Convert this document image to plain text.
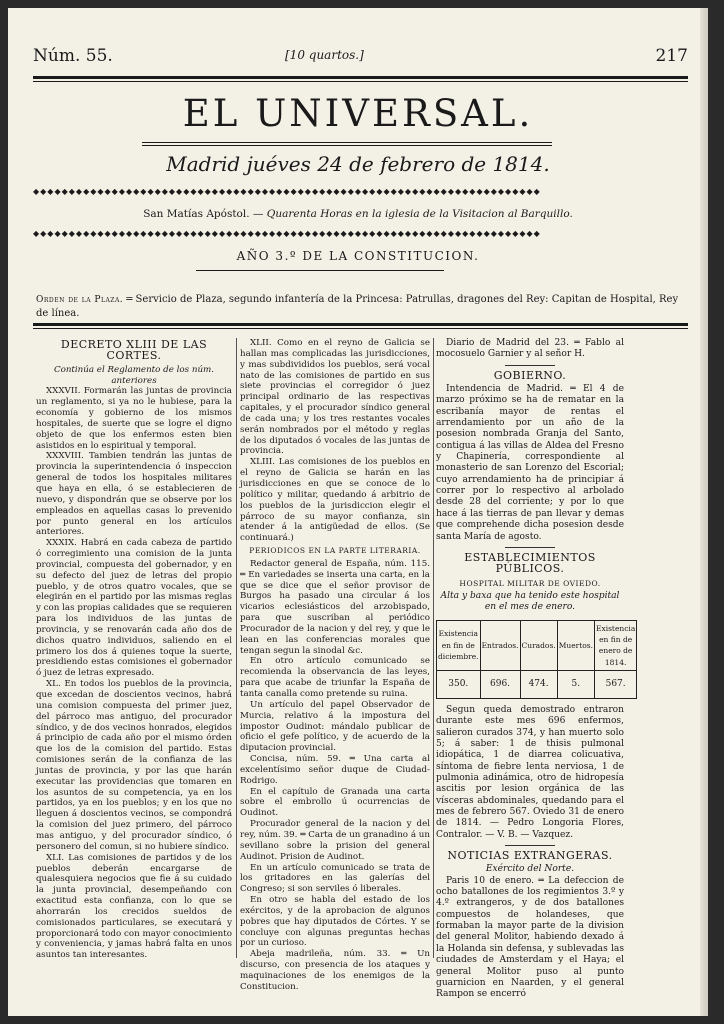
Núm. 55.	[10 quartos.]	217
EL UNIVERSAL.
Madrid juéves 24 de febrero de 1814.
◆◆◆◆◆◆◆◆◆◆◆◆◆◆◆◆◆◆◆◆◆◆◆◆◆◆◆◆◆◆◆◆◆◆◆◆◆◆◆◆◆◆◆◆◆◆◆◆◆◆◆◆◆◆◆◆◆◆◆◆◆◆◆◆◆◆◆◆◆◆◆
San Matías Apóstol. — Quarenta Horas en la iglesia de la Visitacion al Barquillo.
◆◆◆◆◆◆◆◆◆◆◆◆◆◆◆◆◆◆◆◆◆◆◆◆◆◆◆◆◆◆◆◆◆◆◆◆◆◆◆◆◆◆◆◆◆◆◆◆◆◆◆◆◆◆◆◆◆◆◆◆◆◆◆◆◆◆◆◆◆◆◆
AÑO 3.º DE LA CONSTITUCION.
Orden de la Plaza. ═ Servicio de Plaza, segundo infantería de la Princesa: Patrullas, dragones del Rey: Capitan de Hospital, Rey de línea.

DECRETO XLIII DE LAS CORTES.

Continúa el Reglamento de los núm. anteriores

XXXVII. Formarán las juntas de provincia un reglamento, si ya no le hubiese, para la economía y gobierno de los mismos hospitales, de suerte que se logre el digno objeto de que los enfermos esten bien asistidos en lo espiritual y temporal.

XXXVIII. Tambien tendrán las juntas de provincia la superintendencia ó inspeccion general de todos los hospitales militares que haya en ella, ó se establecieren de nuevo, y dispondrán que se observe por los empleados en aquellas casas lo prevenido por punto general en los artículos anteriores.

XXXIX. Habrá en cada cabeza de partido ó corregimiento una comision de la junta provincial, compuesta del gobernador, y en su defecto del juez de letras del propio pueblo, y de otros quatro vocales, que se elegirán en el partido por las mismas reglas y con las propias calidades que se requieren para los individuos de las juntas de provincia, y se renovarán cada año dos de dichos quatro individuos, saliendo en el primero los dos á quienes toque la suerte, presidiendo estas comisiones el gobernador ó juez de letras expresado.

XL. En todos los pueblos de la provincia, que excedan de doscientos vecinos, habrá una comision compuesta del primer juez, del párroco mas antiguo, del procurador síndico, y de dos vecinos honrados, elegidos á principio de cada año por el mismo órden que los de la comision del partido. Estas comisiones serán de la confianza de las juntas de provincia, y por las que harán executar las providencias que tomaren en los asuntos de su competencia, ya en los partidos, ya en los pueblos; y en los que no lleguen á doscientos vecinos, se compondrá la comision del juez primero, del párroco mas antiguo, y del procurador síndico, ó personero del comun, si no hubiere síndico.

XLI. Las comisiones de partidos y de los pueblos deberán encargarse de qualesquiera negocios que fie á su cuidado la junta provincial, desempeñando con exactitud esta confianza, con lo que se ahorrarán los crecidos sueldos de comisionados particulares, se executará y proporcionará todo con mayor conocimiento y conveniencia, y jamas habrá falta en unos asuntos tan interesantes.

XLII. Como en el reyno de Galicia se hallan mas complicadas las jurisdicciones, y mas subdivididos los pueblos, será vocal nato de las comisiones de partido en sus siete provincias el corregidor ó juez principal ordinario de las respectivas capitales, y el procurador síndico general de cada una; y los tres restantes vocales serán nombrados por el método y reglas de los diputados ó vocales de las juntas de provincia.

XLIII. Las comisiones de los pueblos en el reyno de Galicia se harán en las jurisdicciones en que se conoce de lo político y militar, quedando á arbitrio de los pueblos de la jurisdiccion elegir el párroco de su mayor confianza, sin atender á la antigüedad de ellos. (Se continuará.)

PERIODICOS EN LA PARTE LITERARIA.

Redactor general de España, núm. 115. ═ En variedades se inserta una carta, en la que se dice que el señor provisor de Burgos ha pasado una circular á los vicarios eclesiásticos del arzobispado, para que suscriban al periódico Procurador de la nacion y del rey, y que le lean en las conferencias morales que tengan segun la sinodal &c.

En otro artículo comunicado se recomienda la observancia de las leyes, para que acabe de triunfar la España de tanta canalla como pretende su ruina.

Un artículo del papel Observador de Murcia, relativo á la impostura del impostor Oudinot: mándalo publicar de oficio el gefe político, y de acuerdo de la diputacion provincial.

Concisa, núm. 59. ═ Una carta al excelentísimo señor duque de Ciudad-Rodrigo.

En el capítulo de Granada una carta sobre el embrollo ú ocurrencias de Oudinot.

Procurador general de la nacion y del rey, núm. 39. ═ Carta de un granadino á un sevillano sobre la prision del general Audinot. Prision de Audinot.

En un artículo comunicado se trata de los gritadores en las galerías del Congreso; si son serviles ó liberales.

En otro se habla del estado de los exércitos, y de la aprobacion de algunos pobres que hay diputados de Córtes. Y se concluye con algunas preguntas hechas por un curioso.

Abeja madrileña, núm. 33. ═ Un discurso, con presencia de los ataques y maquinaciones de los enemigos de la Constitucion.

Diario de Madrid del 23. ═ Fablo al mocosuelo Garnier y al señor H.

GOBIERNO.

Intendencia de Madrid. ═ El 4 de marzo próximo se ha de rematar en la escribanía mayor de rentas el arrendamiento por un año de la posesion nombrada Granja del Santo, contigua á las villas de Aldea del Fresno y Chapinería, correspondiente al monasterio de san Lorenzo del Escorial; cuyo arrendamiento ha de principiar á correr por lo respectivo al arbolado desde 28 del corriente; y por lo que hace á las tierras de pan llevar y demas que comprehende dicha posesion desde santa María de agosto.

ESTABLECIMIENTOS PÚBLICOS.

HOSPITAL MILITAR DE OVIEDO.

Alta y baxa que ha tenido este hospital en el mes de enero.

Existencia en fin de diciembre.	Entrados.	Curados.	Muertos.	Existencia en fin de enero de 1814.
350.	696.	474.	5.	567.

Segun queda demostrado entraron durante este mes 696 enfermos, salieron curados 374, y han muerto solo 5; á saber: 1 de thisis pulmonal idiopática, 1 de diarrea colicuativa, síntoma de fiebre lenta nerviosa, 1 de pulmonia adinámica, otro de hidropesía ascitis por lesion orgánica de las vísceras abdominales, quedando para el mes de febrero 567. Oviedo 31 de enero de 1814. — Pedro Longoria Flores, Contralor. — V. B. — Vazquez.

NOTICIAS EXTRANGERAS.

Exército del Norte.

Paris 10 de enero. ═ La defeccion de ocho batallones de los regimientos 3.º y 4.º extrangeros, y de dos batallones compuestos de holandeses, que formaban la mayor parte de la division del general Molitor, habiendo dexado á la Holanda sin defensa, y sublevadas las ciudades de Amsterdam y el Haya; el general Molitor puso al punto guarnicion en Naarden, y el general Rampon se encerró
